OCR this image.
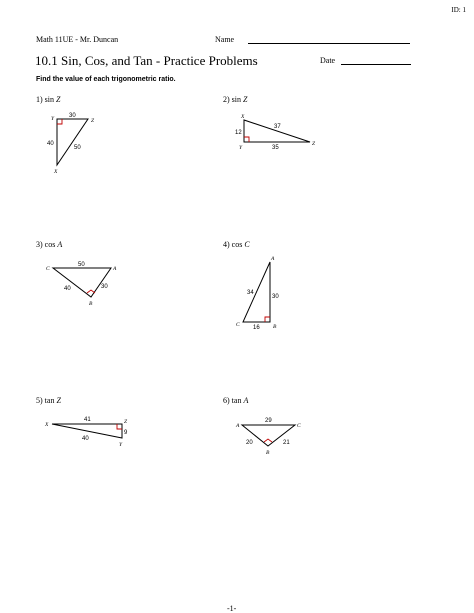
ID: 1
Math 11UE - Mr. Duncan	Name
10.1 Sin, Cos, and Tan - Practice Problems	Date
Find the value of each trigonometric ratio.
1) sin Z	2) sin Z
3) cos A	4) cos C
5) tan Z	6) tan A
Y	Z
X
30
40
50
X
Y
Z
12
37
35
C	A
B
50
40	30
A
C	B
34
30
16
X	Z
Y
41
40
9
A	C
B
29
20	21
-1-
